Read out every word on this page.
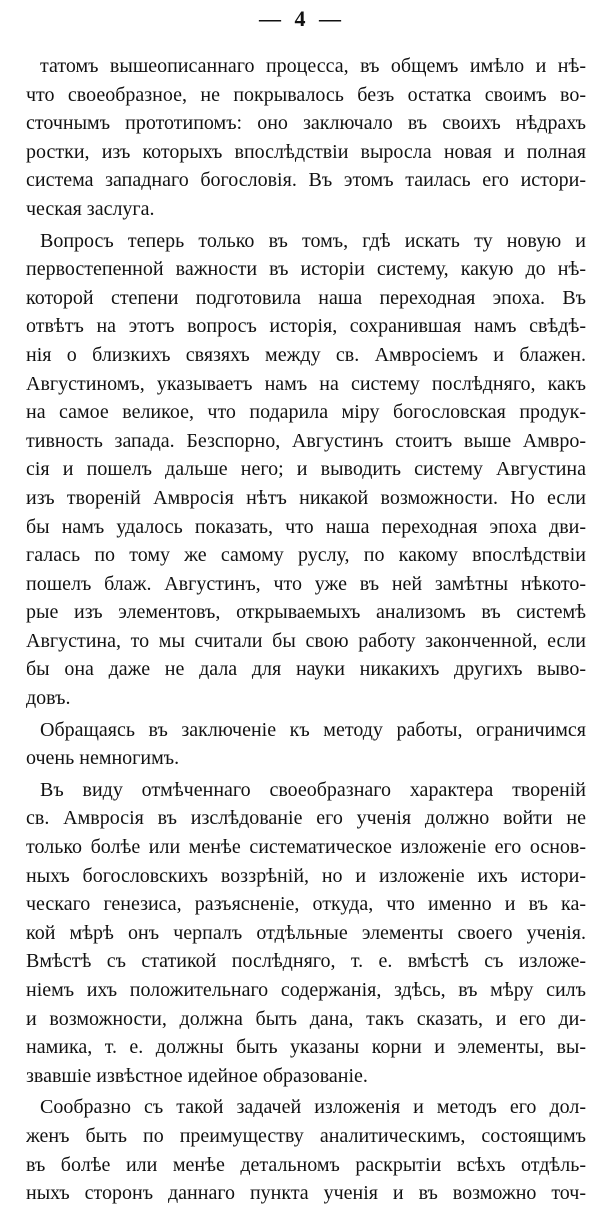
— 4 —
татомъ вышеописаннаго процесса, въ общемъ имѣло и нѣ-
что своеобразное, не покрывалось безъ остатка своимъ во-
сточнымъ прототипомъ: оно заключало въ своихъ нѣдрахъ
ростки, изъ которыхъ впослѣдствіи выросла новая и полная
система западнаго богословія. Въ этомъ таилась его истори-
ческая заслуга.
Вопросъ теперь только въ томъ, гдѣ искать ту новую и
первостепенной важности въ исторіи систему, какую до нѣ-
которой степени подготовила наша переходная эпоха. Въ
отвѣтъ на этотъ вопросъ исторія, сохранившая намъ свѣдѣ-
нія о близкихъ связяхъ между св. Амвросіемъ и блажен.
Августиномъ, указываетъ намъ на систему послѣдняго, какъ
на самое великое, что подарила міру богословская продук-
тивность запада. Безспорно, Августинъ стоитъ выше Амвро-
сія и пошелъ дальше него; и выводить систему Августина
изъ твореній Амвросія нѣтъ никакой возможности. Но если
бы намъ удалось показать, что наша переходная эпоха дви-
галась по тому же самому руслу, по какому впослѣдствіи
пошелъ блаж. Августинъ, что уже въ ней замѣтны нѣкото-
рые изъ элементовъ, открываемыхъ анализомъ въ системѣ
Августина, то мы считали бы свою работу законченной, если
бы она даже не дала для науки никакихъ другихъ выво-
довъ.
Обращаясь въ заключеніе къ методу работы, ограничимся
очень немногимъ.
Въ виду отмѣченнаго своеобразнаго характера твореній
св. Амвросія въ изслѣдованіе его ученія должно войти не
только болѣе или менѣе систематическое изложеніе его основ-
ныхъ богословскихъ воззрѣній, но и изложеніе ихъ истори-
ческаго генезиса, разъясненіе, откуда, что именно и въ ка-
кой мѣрѣ онъ черпалъ отдѣльные элементы своего ученія.
Вмѣстѣ съ статикой послѣдняго, т. е. вмѣстѣ съ изложе-
ніемъ ихъ положительнаго содержанія, здѣсь, въ мѣру силъ
и возможности, должна быть дана, такъ сказать, и его ди-
намика, т. е. должны быть указаны корни и элементы, вы-
звавшіе извѣстное идейное образованіе.
Сообразно съ такой задачей изложенія и методъ его дол-
женъ быть по преимуществу аналитическимъ, состоящимъ
въ болѣе или менѣе детальномъ раскрытіи всѣхъ отдѣль-
ныхъ сторонъ даннаго пункта ученія и въ возможно точ-
